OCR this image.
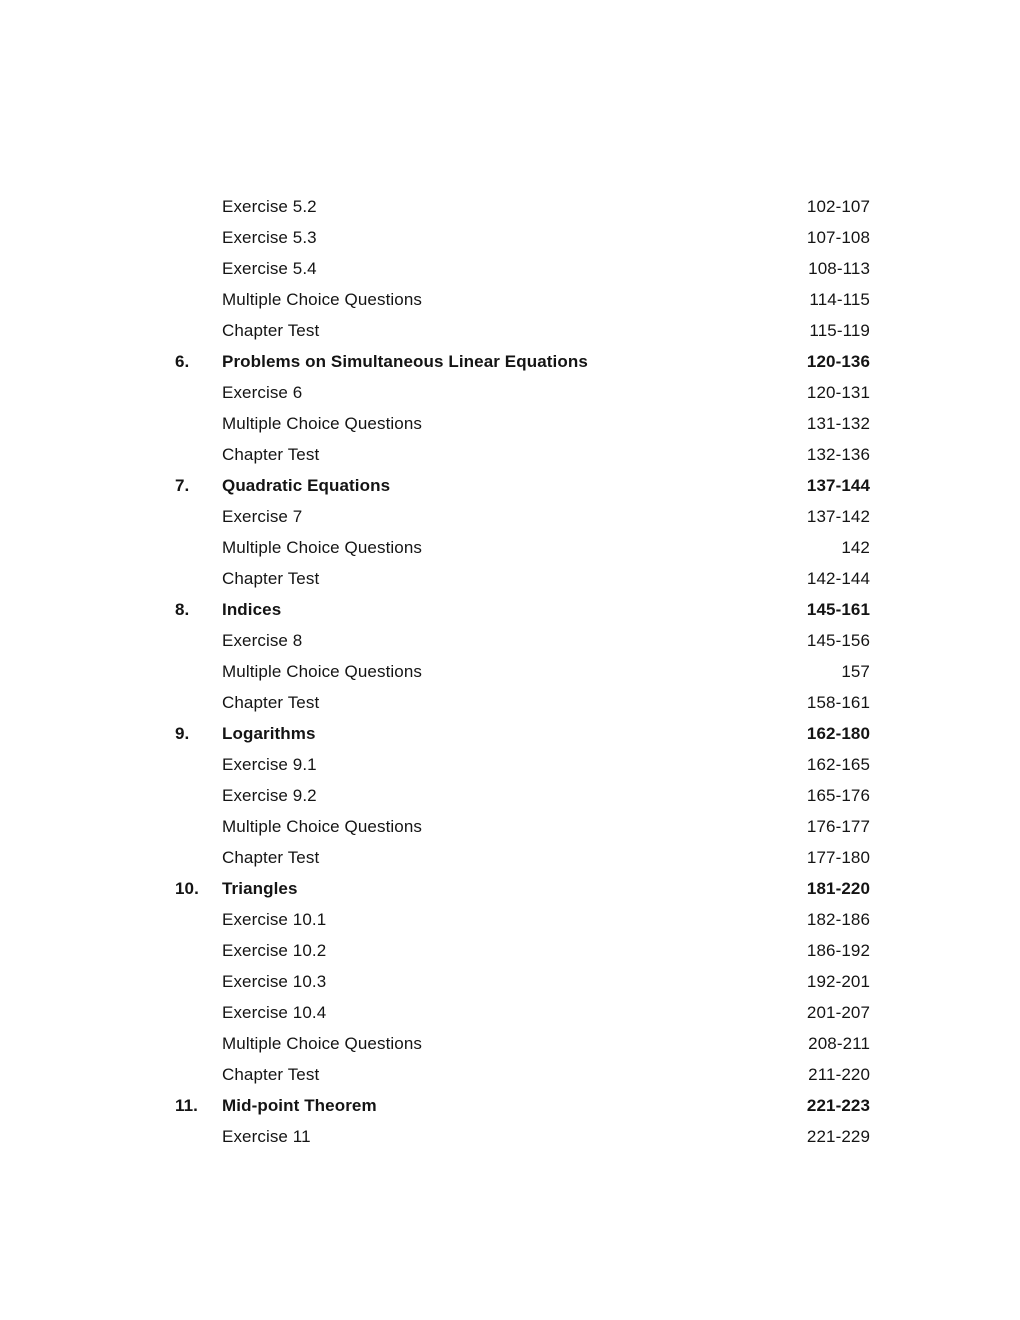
Exercise 5.2	102-107
Exercise 5.3	107-108
Exercise 5.4	108-113
Multiple Choice Questions	114-115
Chapter Test	115-119
6.	Problems on Simultaneous Linear Equations	120-136
Exercise 6	120-131
Multiple Choice Questions	131-132
Chapter Test	132-136
7.	Quadratic Equations	137-144
Exercise 7	137-142
Multiple Choice Questions	142
Chapter Test	142-144
8.	Indices	145-161
Exercise 8	145-156
Multiple Choice Questions	157
Chapter Test	158-161
9.	Logarithms	162-180
Exercise 9.1	162-165
Exercise 9.2	165-176
Multiple Choice Questions	176-177
Chapter Test	177-180
10.	Triangles	181-220
Exercise 10.1	182-186
Exercise 10.2	186-192
Exercise 10.3	192-201
Exercise 10.4	201-207
Multiple Choice Questions	208-211
Chapter Test	211-220
11.	Mid-point Theorem	221-223
Exercise 11	221-229
